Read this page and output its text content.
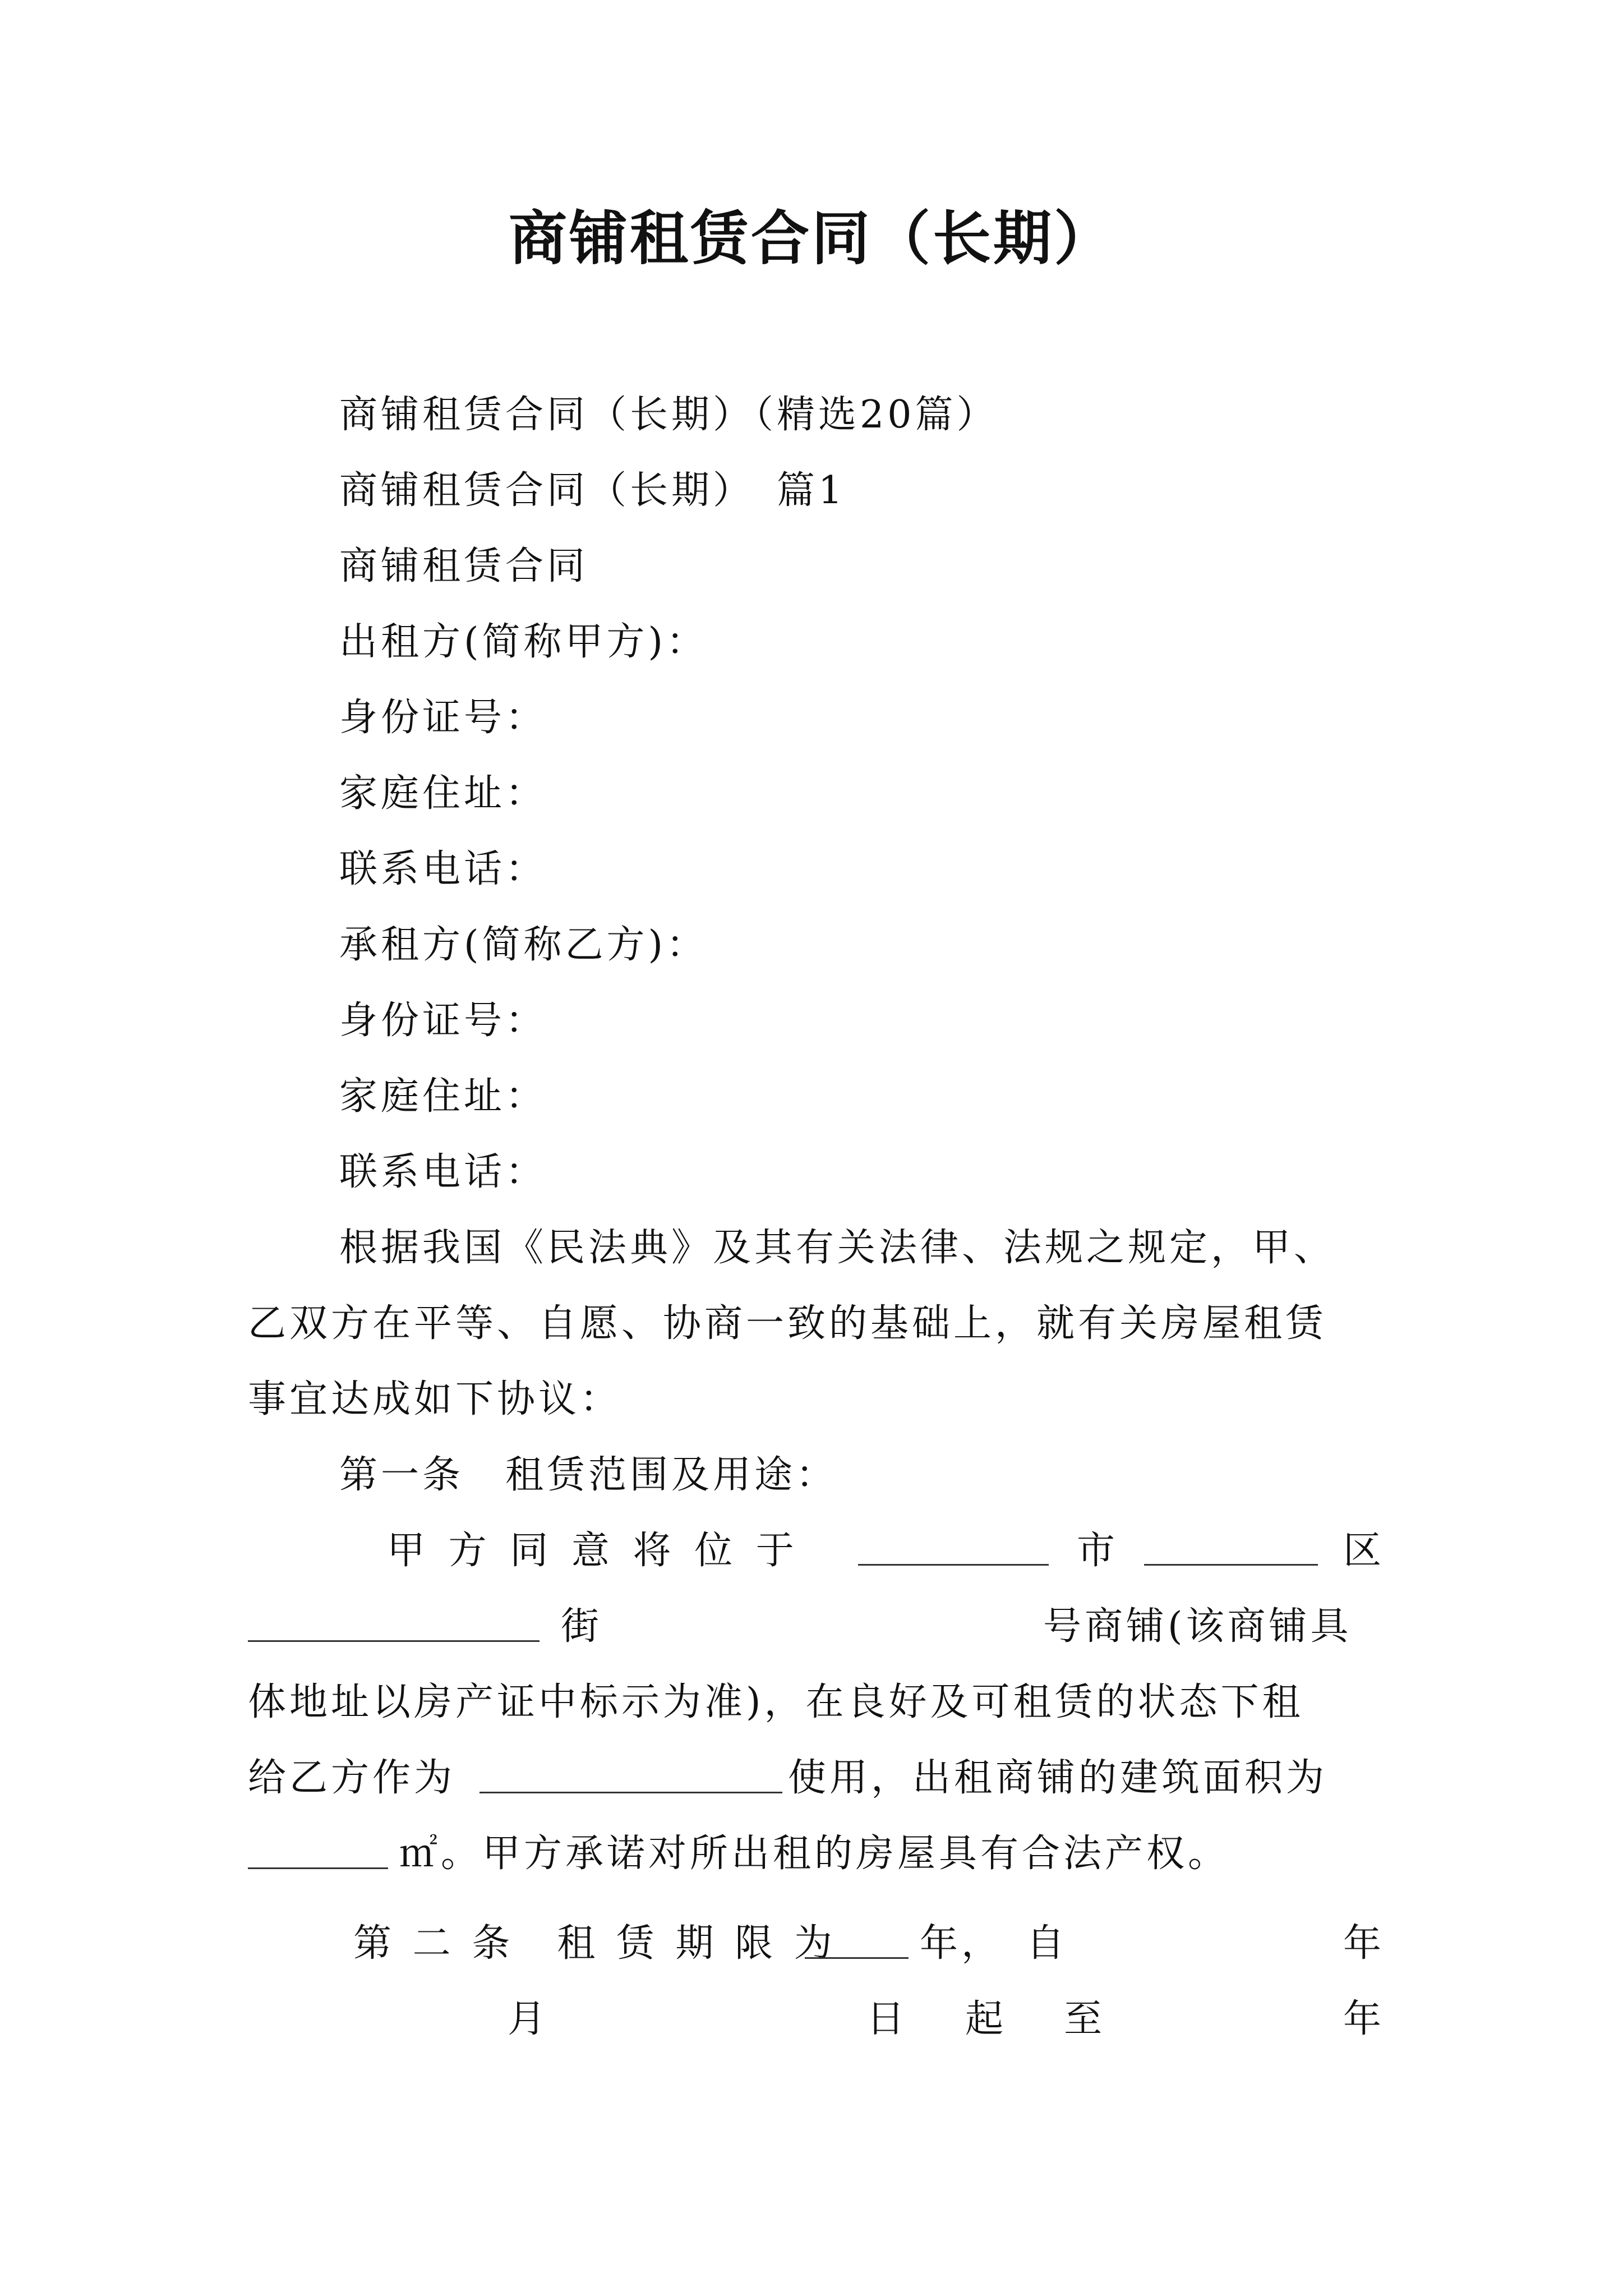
商铺租赁合同（长期）
商铺租赁合同（长期）（精选20篇）
商铺租赁合同（长期）　篇1
商铺租赁合同
出租方(简称甲方)：
身份证号：
家庭住址：
联系电话：
承租方(简称乙方)：
身份证号：
家庭住址：
联系电话：
根据我国《民法典》及其有关法律、法规之规定，甲、
乙双方在平等、自愿、协商一致的基础上，就有关房屋租赁
事宜达成如下协议：
第一条　租赁范围及用途：
甲 方 同 意 将 位 于	市	区
街	号商铺(该商铺具
体地址以房产证中标示为准)，在良好及可租赁的状态下租
给乙方作为	使用，出租商铺的建筑面积为
㎡。甲方承诺对所出租的房屋具有合法产权。
第 二 条　租 赁 期 限 为 年， 自	年
月	日　起　至	年
